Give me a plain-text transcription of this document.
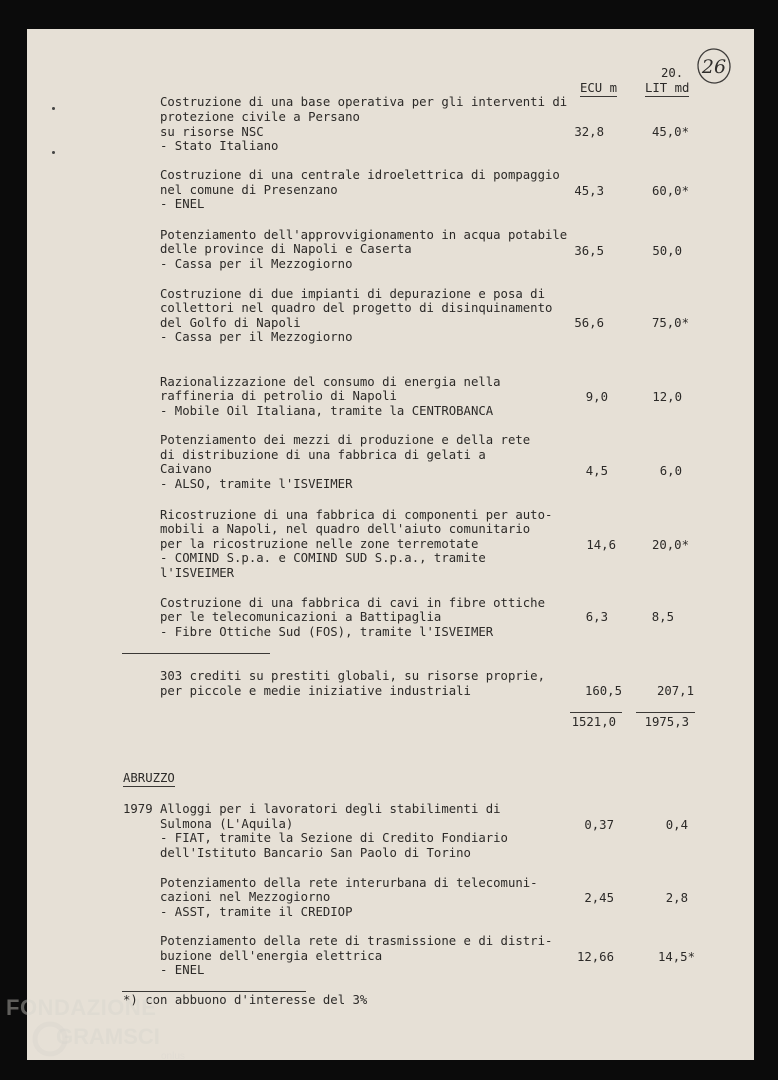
20. 26
ECU m LIT md
Costruzione di una base operativa per gli interventi di
protezione civile a Persano
su risorse NSC
- Stato Italiano
32,8	45,0*
Costruzione di una centrale idroelettrica di pompaggio
nel comune di Presenzano
- ENEL
45,3	60,0*
Potenziamento dell'approvvigionamento in acqua potabile
delle province di Napoli e Caserta
- Cassa per il Mezzogiorno
36,5	50,0
Costruzione di due impianti di depurazione e posa di
collettori nel quadro del progetto di disinquinamento
del Golfo di Napoli
- Cassa per il Mezzogiorno
56,6	75,0*
Razionalizzazione del consumo di energia nella
raffineria di petrolio di Napoli
- Mobile Oil Italiana, tramite la CENTROBANCA
9,0	12,0
Potenziamento dei mezzi di produzione e della rete
di distribuzione di una fabbrica di gelati a
Caivano
- ALSO, tramite l'ISVEIMER
4,5	6,0
Ricostruzione di una fabbrica di componenti per auto-
mobili a Napoli, nel quadro dell'aiuto comunitario
per la ricostruzione nelle zone terremotate
- COMIND S.p.a. e COMIND SUD S.p.a., tramite
l'ISVEIMER
14,6	20,0*
Costruzione di una fabbrica di cavi in fibre ottiche
per le telecomunicazioni a Battipaglia
- Fibre Ottiche Sud (FOS), tramite l'ISVEIMER
6,3	8,5
303 crediti su prestiti globali, su risorse proprie,
per piccole e medie iniziative industriali	160,5	207,1
1521,0	1975,3
ABRUZZO
1979 Alloggi per i lavoratori degli stabilimenti di
Sulmona (L'Aquila)
- FIAT, tramite la Sezione di Credito Fondiario
dell'Istituto Bancario San Paolo di Torino
0,37	0,4
Potenziamento della rete interurbana di telecomuni-
cazioni nel Mezzogiorno
- ASST, tramite il CREDIOP
2,45	2,8
Potenziamento della rete di trasmissione e di distri-
buzione dell'energia elettrica
- ENEL
12,66	14,5*
*) con abbuono d'interesse del 3%
FONDAZIONE
GRAMSCI
onlus
